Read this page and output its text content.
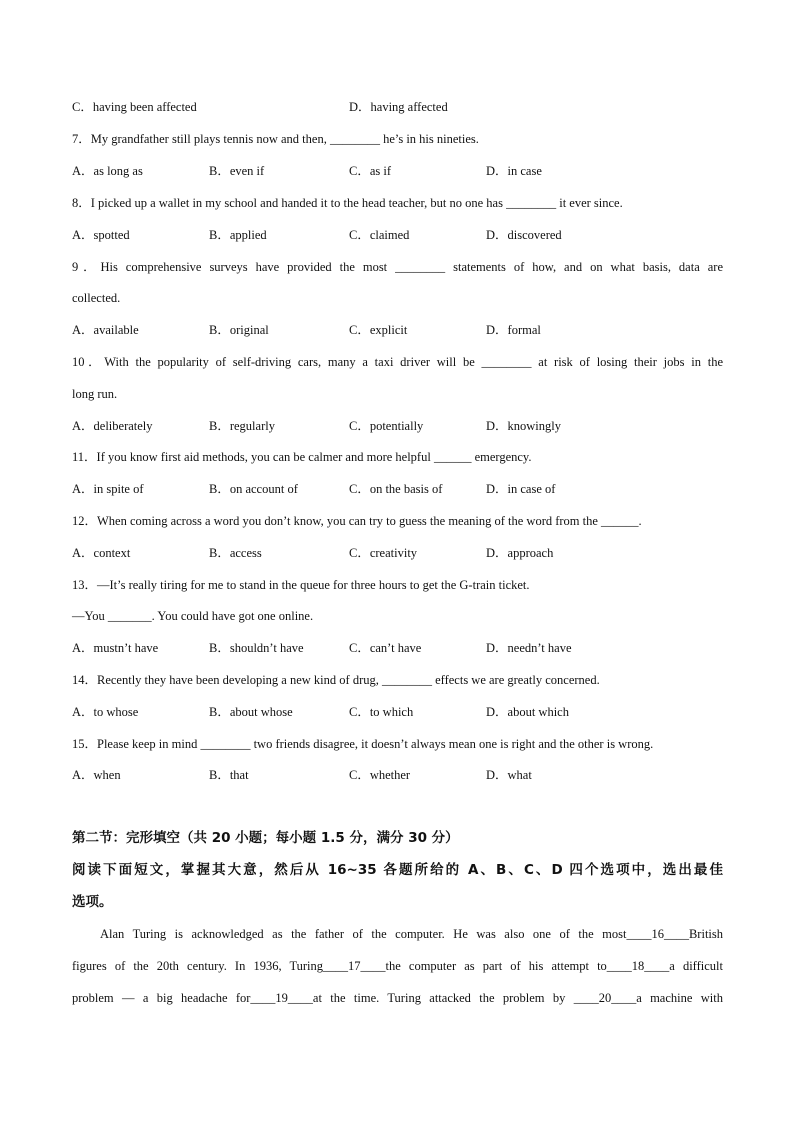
C．having been affected	D．having affected
7．My grandfather still plays tennis now and then, ________ he’s in his nineties.
A．as long as	B．even if	C．as if	D．in case
8．I picked up a wallet in my school and handed it to the head teacher, but no one has ________ it ever since.
A．spotted	B．applied	C．claimed	D．discovered
9．His comprehensive surveys have provided the most ________ statements of how, and on what basis, data are
collected.
A．available	B．original	C．explicit	D．formal
10．With the popularity of self-driving cars, many a taxi driver will be ________ at risk of losing their jobs in the
long run.
A．deliberately	B．regularly	C．potentially	D．knowingly
11．If you know first aid methods, you can be calmer and more helpful ______ emergency.
A．in spite of	B．on account of	C．on the basis of	D．in case of
12．When coming across a word you don’t know, you can try to guess the meaning of the word from the ______.
A．context	B．access	C．creativity	D．approach
13．—It’s really tiring for me to stand in the queue for three hours to get the G-train ticket.
—You _______. You could have got one online.
A．mustn’t have	B．shouldn’t have	C．can’t have	D．needn’t have
14．Recently they have been developing a new kind of drug, ________ effects we are greatly concerned.
A．to whose	B．about whose	C．to which	D．about which
15．Please keep in mind ________ two friends disagree, it doesn’t always mean one is right and the other is wrong.
A．when	B．that	C．whether	D．what
第二节：完形填空（共 20 小题；每小题 1.5 分，满分 30 分）
阅读下面短文，掌握其大意，然后从 16~35 各题所给的 A、B、C、D 四个选项中，选出最佳
选项。
Alan Turing is acknowledged as the father of the computer. He was also one of the most____16____British
figures of the 20th century. In 1936, Turing____17____the computer as part of his attempt to____18____a difficult
problem — a big headache for____19____at the time. Turing attacked the problem by ____20____a machine with
